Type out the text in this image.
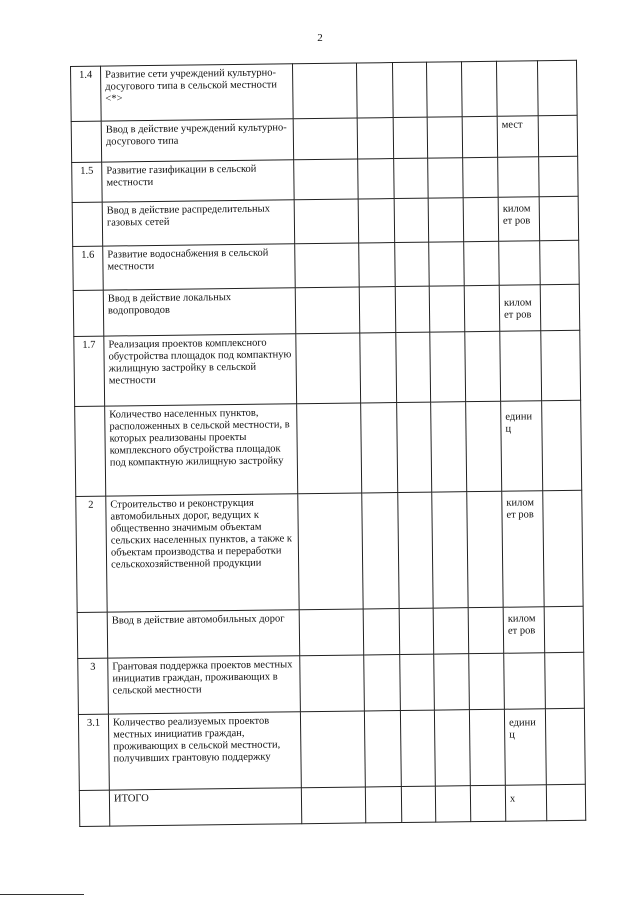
2
1.4	Развитие сети учреждений культурно-досугового типа в сельской местности <*>							
	Ввод в действие учреждений культурно-досугового типа						мест	
1.5	Развитие газификации в сельской местности							
	Ввод в действие распределительных газовых сетей						километ ров	
1.6	Развитие водоснабжения в сельской местности							
	Ввод в действие локальных водопроводов						километ ров	
1.7	Реализация проектов комплексного обустройства площадок под компактную жилищную застройку в сельской местности							
	Количество населенных пунктов, расположенных в сельской местности, в которых реализованы проекты комплексного обустройства площадок под компактную жилищную застройку						единиц	
2	Строительство и реконструкция автомобильных дорог, ведущих к общественно значимым объектам сельских населенных пунктов, а также к объектам производства и переработки сельскохозяйственной продукции						километ ров	
	Ввод в действие автомобильных дорог						километ ров	
3	Грантовая поддержка проектов местных инициатив граждан, проживающих в сельской местности							
3.1	Количество реализуемых проектов местных инициатив граждан, проживающих в сельской местности, получивших грантовую поддержку						единиц	
	ИТОГО						х	
